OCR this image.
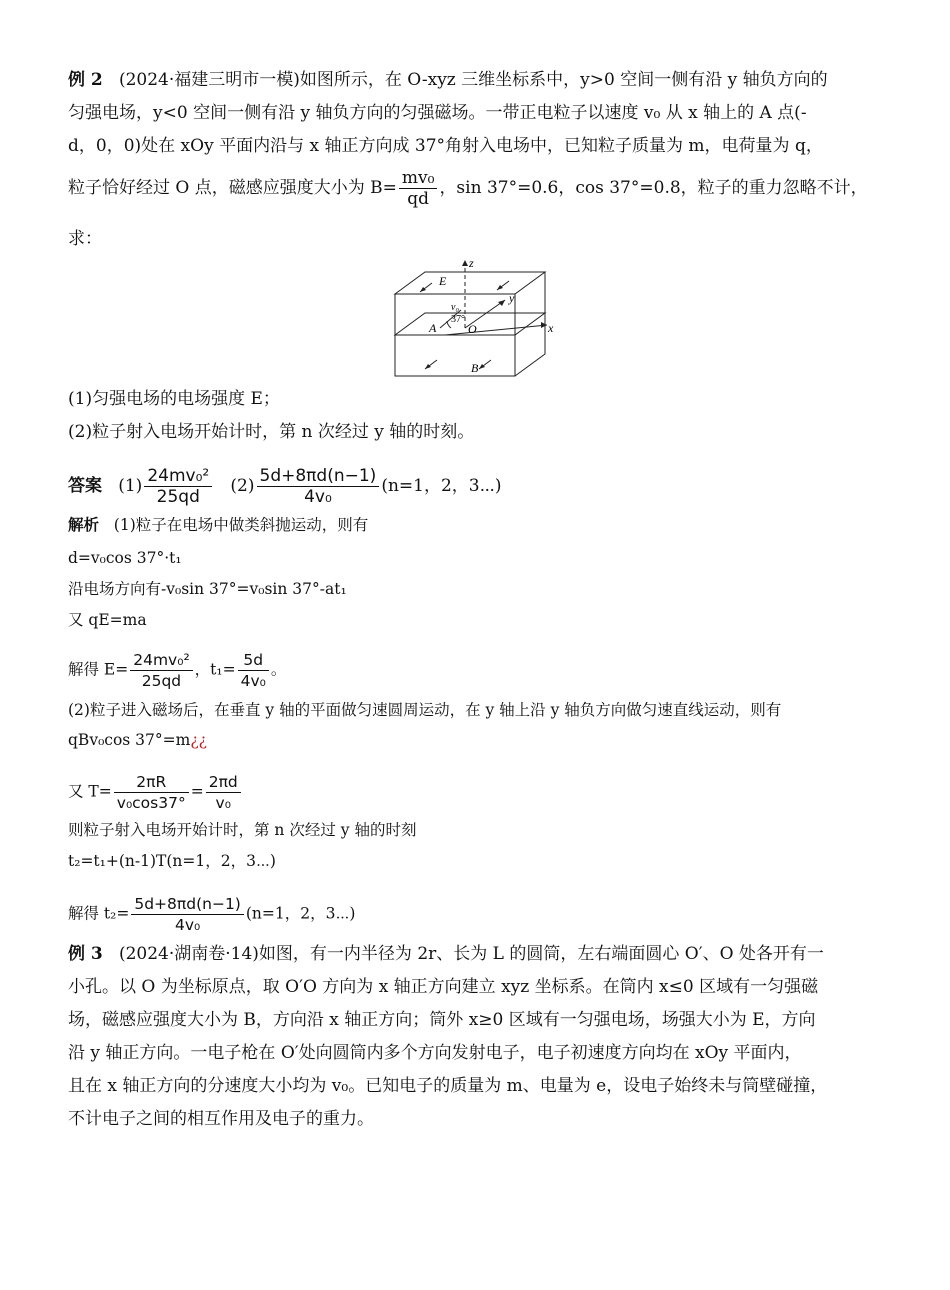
例 2 (2024·福建三明市一模)如图所示，在 O-xyz 三维坐标系中，y>0 空间一侧有沿 y 轴负方向的
匀强电场，y<0 空间一侧有沿 y 轴负方向的匀强磁场。一带正电粒子以速度 v₀ 从 x 轴上的 A 点(-
d，0，0)处在 xOy 平面内沿与 x 轴正方向成 37°角射入电场中，已知粒子质量为 m，电荷量为 q，
粒子恰好经过 O 点，磁感应强度大小为 $B= \frac{\text{mv₀}}{qd}$ ，sin 37°=0.6，cos 37°=0.8，粒子的重力忽略不计，
求：
z
y
x
E
A	O
B
v₀
37°
(1)匀强电场的电场强度 E；
(2)粒子射入电场开始计时，第 n 次经过 y 轴的时刻。
答案 $(1) \frac{\text{24mv₀²}}{25qd} (2) \frac{5d+8\pi d(n-1)}{\text{4v₀}} (n=1$，2，3⋯)
解析 (1)粒子在电场中做类斜抛运动，则有
d=v₀cos 37°·t₁
沿电场方向有-v₀sin 37°=v₀sin 37°-at₁
又 qE=ma
解得 $E= \frac{\text{24mv₀²}}{25qd}$ ，$t_1= \frac{5d}{\text{4v₀}}$ 。
(2)粒子进入磁场后，在垂直 y 轴的平面做匀速圆周运动，在 y 轴上沿 y 轴负方向做匀速直线运动，则有
qBv₀cos 37°=m¿¿
又 $T= \frac{2\pi R}{\text{v₀cos37°}} = \frac{2\pi d}{\text{v₀}}$
则粒子射入电场开始计时，第 n 次经过 y 轴的时刻
t₂=t₁+(n-1)T(n=1，2，3⋯)
解得 $t_2= \frac{5d+8\pi d(n-1)}{\text{4v₀}} (n=1$，2，3⋯)
例 3 (2024·湖南卷·14)如图，有一内半径为 2r、长为 L 的圆筒，左右端面圆心 O′、O 处各开有一
小孔。以 O 为坐标原点，取 O′O 方向为 x 轴正方向建立 xyz 坐标系。在筒内 x≤0 区域有一匀强磁
场，磁感应强度大小为 B，方向沿 x 轴正方向；筒外 x≥0 区域有一匀强电场，场强大小为 E，方向
沿 y 轴正方向。一电子枪在 O′处向圆筒内多个方向发射电子，电子初速度方向均在 xOy 平面内，
且在 x 轴正方向的分速度大小均为 v₀。已知电子的质量为 m、电量为 e，设电子始终未与筒壁碰撞，
不计电子之间的相互作用及电子的重力。
